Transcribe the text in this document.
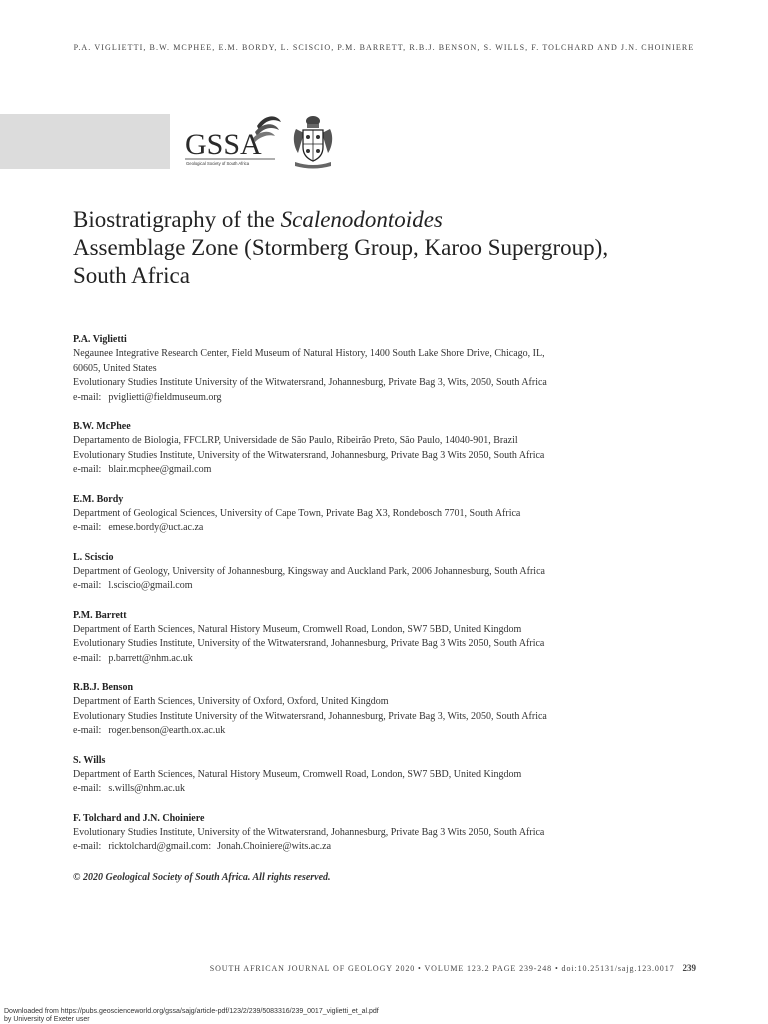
P.A. VIGLIETTI, B.W. MCPHEE, E.M. BORDY, L. SCISCIO, P.M. BARRETT, R.B.J. BENSON, S. WILLS, F. TOLCHARD AND J.N. CHOINIERE
GSSA
Geological Society of South Africa
Biostratigraphy of the Scalenodontoides
Assemblage Zone (Stormberg Group, Karoo Supergroup), South Africa
P.A. Viglietti
Negaunee Integrative Research Center, Field Museum of Natural History, 1400 South Lake Shore Drive, Chicago, IL,
60605, United States
Evolutionary Studies Institute University of the Witwatersrand, Johannesburg, Private Bag 3, Wits, 2050, South Africa
e-mail: pviglietti@fieldmuseum.org
B.W. McPhee
Departamento de Biologia, FFCLRP, Universidade de São Paulo, Ribeirão Preto, São Paulo, 14040-901, Brazil
Evolutionary Studies Institute, University of the Witwatersrand, Johannesburg, Private Bag 3 Wits 2050, South Africa
e-mail: blair.mcphee@gmail.com
E.M. Bordy
Department of Geological Sciences, University of Cape Town, Private Bag X3, Rondebosch 7701, South Africa
e-mail: emese.bordy@uct.ac.za
L. Sciscio
Department of Geology, University of Johannesburg, Kingsway and Auckland Park, 2006 Johannesburg, South Africa
e-mail: l.sciscio@gmail.com
P.M. Barrett
Department of Earth Sciences, Natural History Museum, Cromwell Road, London, SW7 5BD, United Kingdom
Evolutionary Studies Institute, University of the Witwatersrand, Johannesburg, Private Bag 3 Wits 2050, South Africa
e-mail: p.barrett@nhm.ac.uk
R.B.J. Benson
Department of Earth Sciences, University of Oxford, Oxford, United Kingdom
Evolutionary Studies Institute University of the Witwatersrand, Johannesburg, Private Bag 3, Wits, 2050, South Africa
e-mail: roger.benson@earth.ox.ac.uk
S. Wills
Department of Earth Sciences, Natural History Museum, Cromwell Road, London, SW7 5BD, United Kingdom
e-mail: s.wills@nhm.ac.uk
F. Tolchard and J.N. Choiniere
Evolutionary Studies Institute, University of the Witwatersrand, Johannesburg, Private Bag 3 Wits 2050, South Africa
e-mail: ricktolchard@gmail.com: Jonah.Choiniere@wits.ac.za
© 2020 Geological Society of South Africa. All rights reserved.
SOUTH AFRICAN JOURNAL OF GEOLOGY 2020 • VOLUME 123.2 PAGE 239-248 • doi:10.25131/sajg.123.0017 239
Downloaded from https://pubs.geoscienceworld.org/gssa/sajg/article-pdf/123/2/239/5083316/239_0017_viglietti_et_al.pdf
by University of Exeter user
